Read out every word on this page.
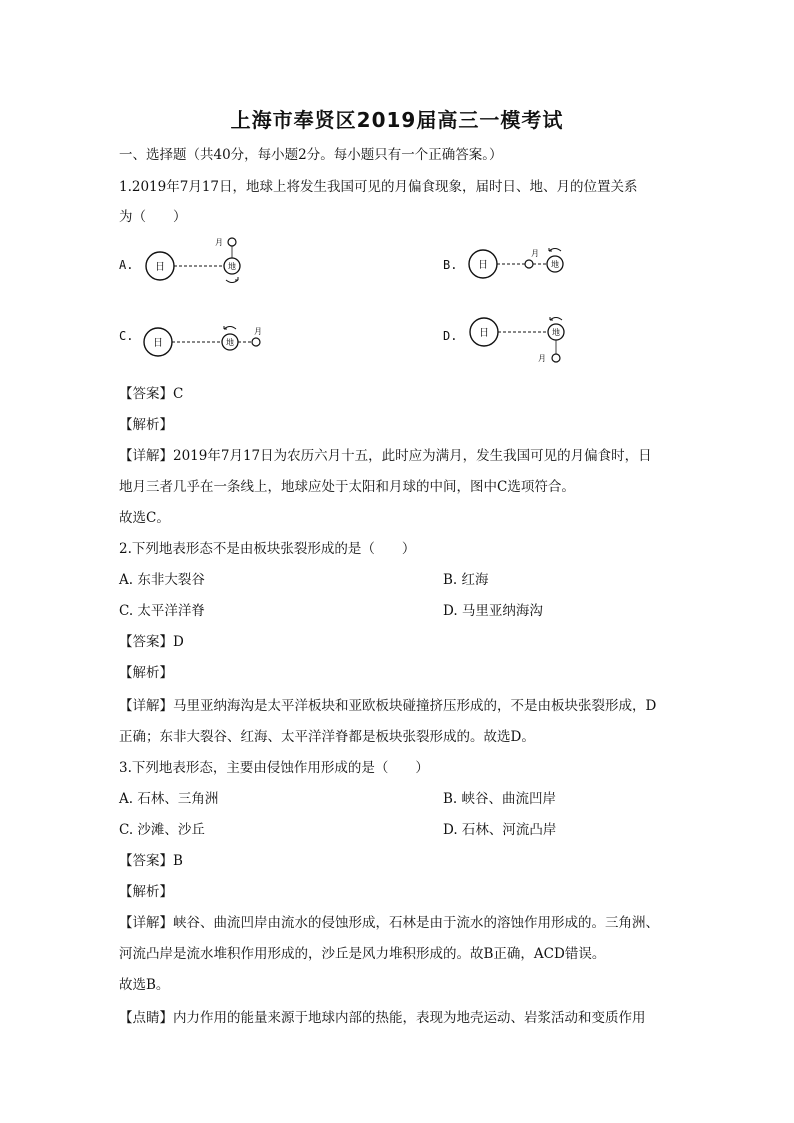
上海市奉贤区2019届高三一模考试
一、选择题（共40分，每小题2分。每小题只有一个正确答案。）
1.2019年7月17日，地球上将发生我国可见的月偏食现象，届时日、地、月的位置关系
为（　　）
A. 日	地
月
B. 日
月
地
C.
日	地
月	D. 日	地
月
【答案】C
【解析】
【详解】2019年7月17日为农历六月十五，此时应为满月，发生我国可见的月偏食时，日
地月三者几乎在一条线上，地球应处于太阳和月球的中间，图中C选项符合。
故选C。
2.下列地表形态不是由板块张裂形成的是（　　）
A. 东非大裂谷	B. 红海
C. 太平洋洋脊	D. 马里亚纳海沟
【答案】D
【解析】
【详解】马里亚纳海沟是太平洋板块和亚欧板块碰撞挤压形成的，不是由板块张裂形成，D
正确；东非大裂谷、红海、太平洋洋脊都是板块张裂形成的。故选D。
3.下列地表形态，主要由侵蚀作用形成的是（　　）
A. 石林、三角洲	B. 峡谷、曲流凹岸
C. 沙滩、沙丘	D. 石林、河流凸岸
【答案】B
【解析】
【详解】峡谷、曲流凹岸由流水的侵蚀形成，石林是由于流水的溶蚀作用形成的。三角洲、
河流凸岸是流水堆积作用形成的，沙丘是风力堆积形成的。故B正确，ACD错误。
故选B。
【点睛】内力作用的能量来源于地球内部的热能，表现为地壳运动、岩浆活动和变质作用
